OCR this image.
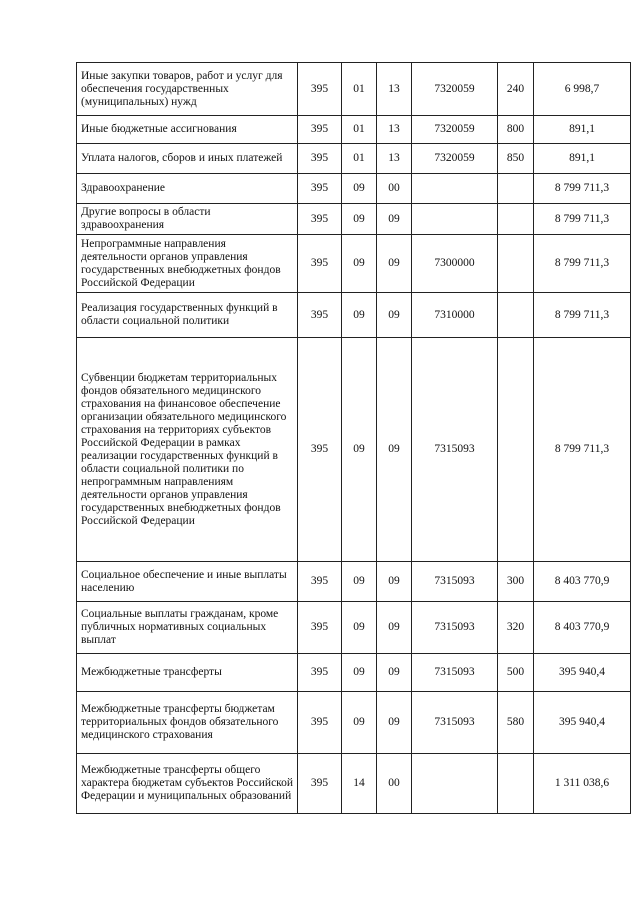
Иные закупки товаров, работ и услуг для обеспечения государственных (муниципальных) нужд	395	01	13	7320059	240	6 998,7
Иные бюджетные ассигнования	395	01	13	7320059	800	891,1
Уплата налогов, сборов и иных платежей	395	01	13	7320059	850	891,1
Здравоохранение	395	09	00			8 799 711,3
Другие вопросы в области здравоохранения	395	09	09			8 799 711,3
Непрограммные направления деятельности органов управления государственных внебюджетных фондов Российской Федерации	395	09	09	7300000		8 799 711,3
Реализация государственных функций в области социальной политики	395	09	09	7310000		8 799 711,3
Субвенции бюджетам территориальных фондов обязательного медицинского страхования на финансовое обеспечение организации обязательного медицинского страхования на территориях субъектов Российской Федерации в рамках реализации государственных функций в области социальной политики по непрограммным направлениям деятельности органов управления государственных внебюджетных фондов Российской Федерации	395	09	09	7315093		8 799 711,3
Социальное обеспечение и иные выплаты населению	395	09	09	7315093	300	8 403 770,9
Социальные выплаты гражданам, кроме публичных нормативных социальных выплат	395	09	09	7315093	320	8 403 770,9
Межбюджетные трансферты	395	09	09	7315093	500	395 940,4
Межбюджетные трансферты бюджетам территориальных фондов обязательного медицинского страхования	395	09	09	7315093	580	395 940,4
Межбюджетные трансферты общего характера бюджетам субъектов Российской Федерации и муниципальных образований	395	14	00			1 311 038,6
